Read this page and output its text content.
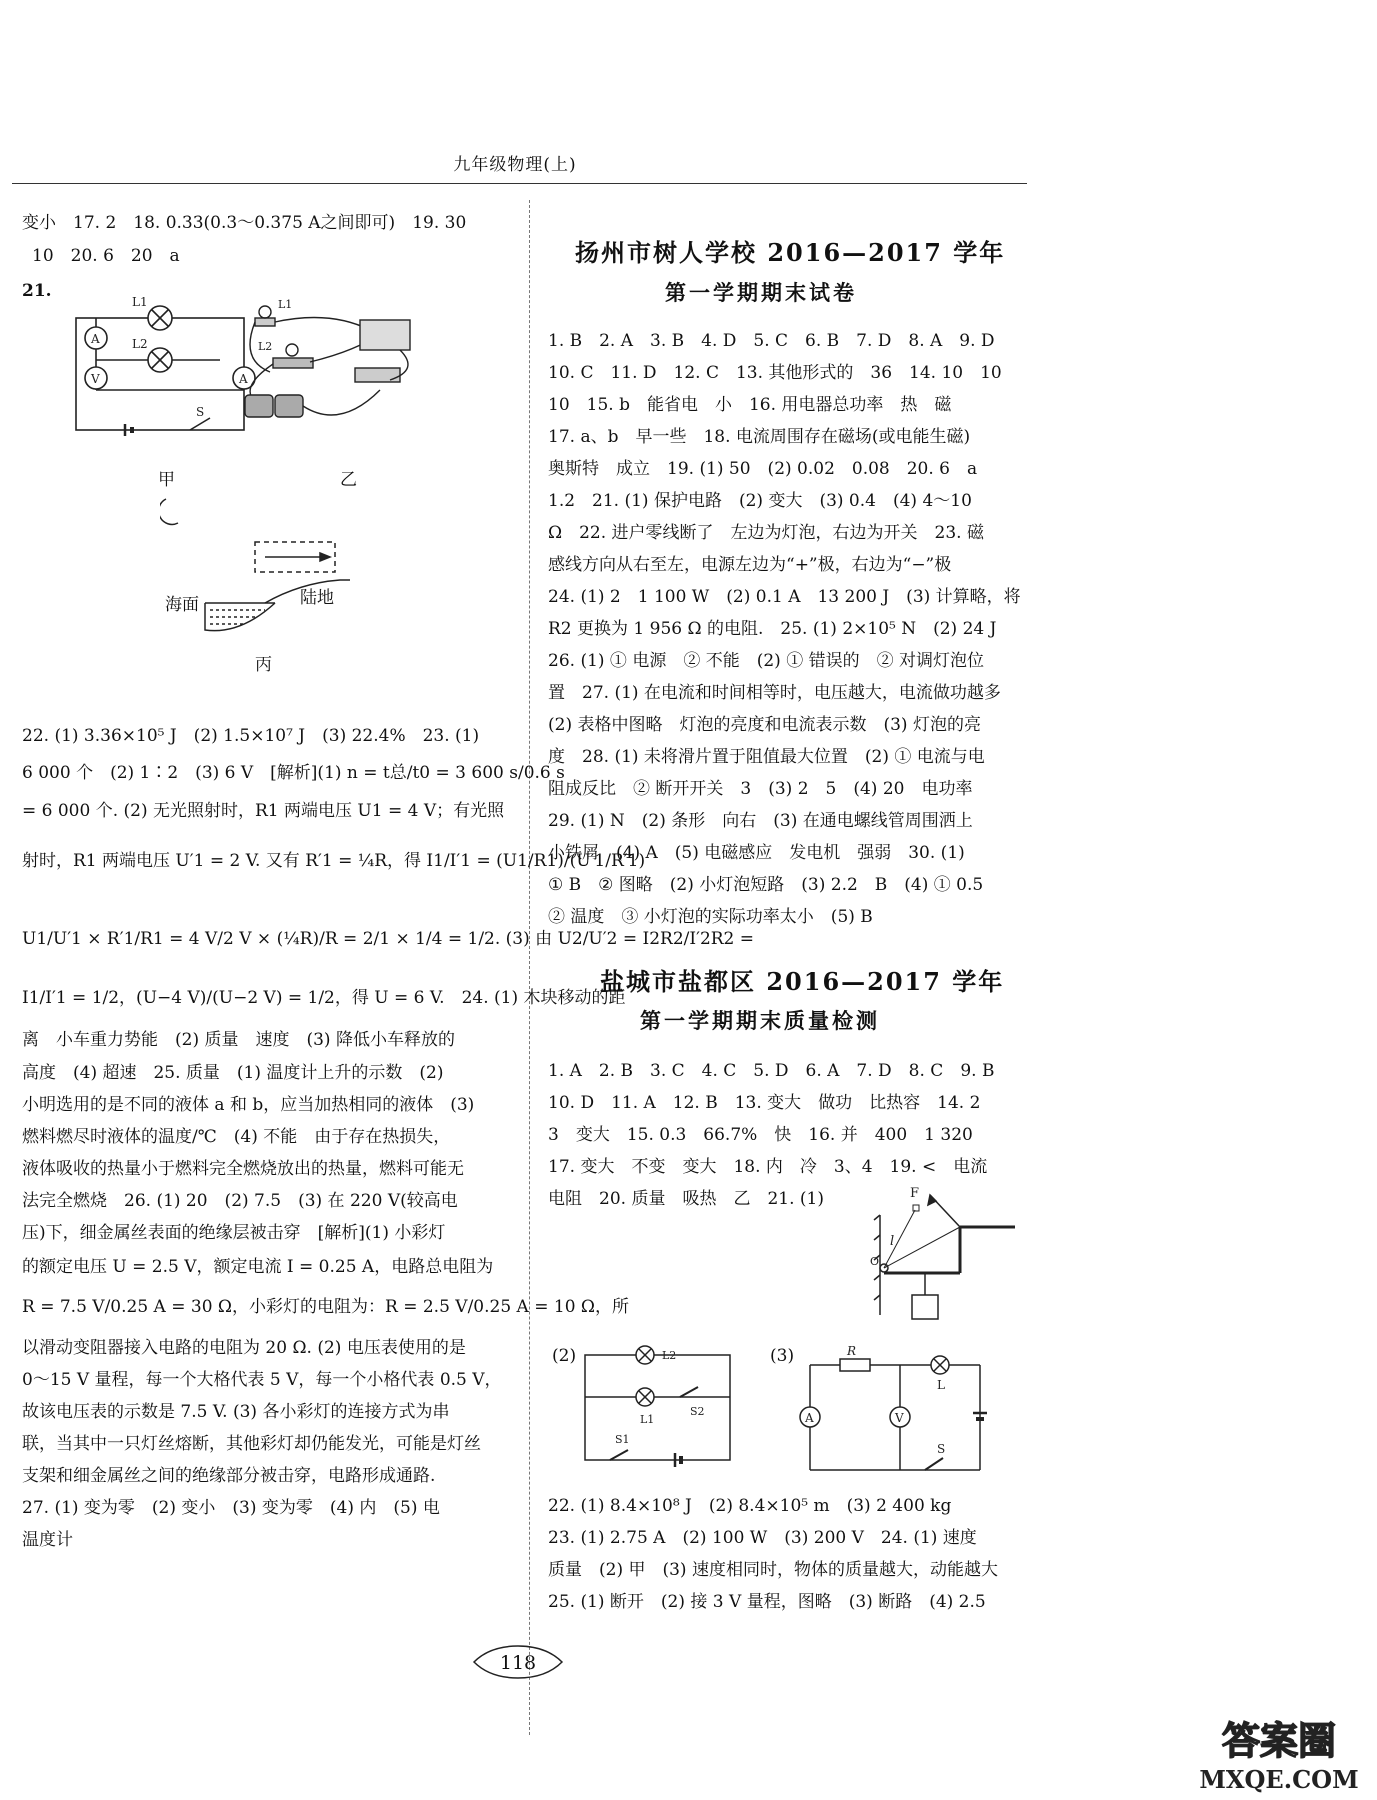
九年级物理(上)
变小　17. 2　18. 0.33(0.3～0.375 A之间即可)　19. 30
10　20. 6　20　a
21.
A
V	A
L1
L2
S
甲
L1
L2
乙
海面	陆地
丙
22. (1) 3.36×10⁵ J　(2) 1.5×10⁷ J　(3) 22.4%　23. (1)
6 000 个　(2) 1∶2　(3) 6 V　[解析](1) n = t总/t0 = 3 600 s/0.6 s
= 6 000 个. (2) 无光照射时，R1 两端电压 U1 = 4 V；有光照
射时，R1 两端电压 U′1 = 2 V. 又有 R′1 = ¼R，得 I1/I′1 = (U1/R1)/(U′1/R′1)
U1/U′1 × R′1/R1 = 4 V/2 V × (¼R)/R = 2/1 × 1/4 = 1/2. (3) 由 U2/U′2 = I2R2/I′2R2 =
I1/I′1 = 1/2，(U−4 V)/(U−2 V) = 1/2，得 U = 6 V.　24. (1) 木块移动的距
离　小车重力势能　(2) 质量　速度　(3) 降低小车释放的
高度　(4) 超速　25. 质量　(1) 温度计上升的示数　(2)
小明选用的是不同的液体 a 和 b，应当加热相同的液体　(3)
燃料燃尽时液体的温度/℃　(4) 不能　由于存在热损失，
液体吸收的热量小于燃料完全燃烧放出的热量，燃料可能无
法完全燃烧　26. (1) 20　(2) 7.5　(3) 在 220 V(较高电
压)下，细金属丝表面的绝缘层被击穿　[解析](1) 小彩灯
的额定电压 U = 2.5 V，额定电流 I = 0.25 A，电路总电阻为
R = 7.5 V/0.25 A = 30 Ω，小彩灯的电阻为：R = 2.5 V/0.25 A = 10 Ω，所
以滑动变阻器接入电路的电阻为 20 Ω. (2) 电压表使用的是
0～15 V 量程，每一个大格代表 5 V，每一个小格代表 0.5 V，
故该电压表的示数是 7.5 V. (3) 各小彩灯的连接方式为串
联，当其中一只灯丝熔断，其他彩灯却仍能发光，可能是灯丝
支架和细金属丝之间的绝缘部分被击穿，电路形成通路.
27. (1) 变为零　(2) 变小　(3) 变为零　(4) 内　(5) 电
温度计
扬州市树人学校 2016—2017 学年
第一学期期末试卷
1. B　2. A　3. B　4. D　5. C　6. B　7. D　8. A　9. D
10. C　11. D　12. C　13. 其他形式的　36　14. 10　10
10　15. b　能省电　小　16. 用电器总功率　热　磁
17. a、b　早一些　18. 电流周围存在磁场(或电能生磁)
奥斯特　成立　19. (1) 50　(2) 0.02　0.08　20. 6　a
1.2　21. (1) 保护电路　(2) 变大　(3) 0.4　(4) 4～10
Ω　22. 进户零线断了　左边为灯泡，右边为开关　23. 磁
感线方向从右至左，电源左边为“+”极，右边为“−”极
24. (1) 2　1 100 W　(2) 0.1 A　13 200 J　(3) 计算略，将
R2 更换为 1 956 Ω 的电阻.　25. (1) 2×10⁵ N　(2) 24 J
26. (1) ① 电源　② 不能　(2) ① 错误的　② 对调灯泡位
置　27. (1) 在电流和时间相等时，电压越大，电流做功越多
(2) 表格中图略　灯泡的亮度和电流表示数　(3) 灯泡的亮
度　28. (1) 未将滑片置于阻值最大位置　(2) ① 电流与电
阻成反比　② 断开开关　3　(3) 2　5　(4) 20　电功率
29. (1) N　(2) 条形　向右　(3) 在通电螺线管周围洒上
小铁屑　(4) A　(5) 电磁感应　发电机　强弱　30. (1)
① B　② 图略　(2) 小灯泡短路　(3) 2.2　B　(4) ① 0.5
② 温度　③ 小灯泡的实际功率太小　(5) B
盐城市盐都区 2016—2017 学年
第一学期期末质量检测
1. A　2. B　3. C　4. C　5. D　6. A　7. D　8. C　9. B
10. D　11. A　12. B　13. 变大　做功　比热容　14. 2
3　变大　15. 0.3　66.7%　快　16. 并　400　1 320
17. 变大　不变　变大　18. 内　冷　3、4　19. <　电流
电阻　20. 质量　吸热　乙　21. (1)	F
l
O
(2)	L2
L1
S2
S1
(3)
A	V
R
L
S
22. (1) 8.4×10⁸ J　(2) 8.4×10⁵ m　(3) 2 400 kg
23. (1) 2.75 A　(2) 100 W　(3) 200 V　24. (1) 速度
质量　(2) 甲　(3) 速度相同时，物体的质量越大，动能越大
25. (1) 断开　(2) 接 3 V 量程，图略　(3) 断路　(4) 2.5
118
答案圈
MXQE.COM
